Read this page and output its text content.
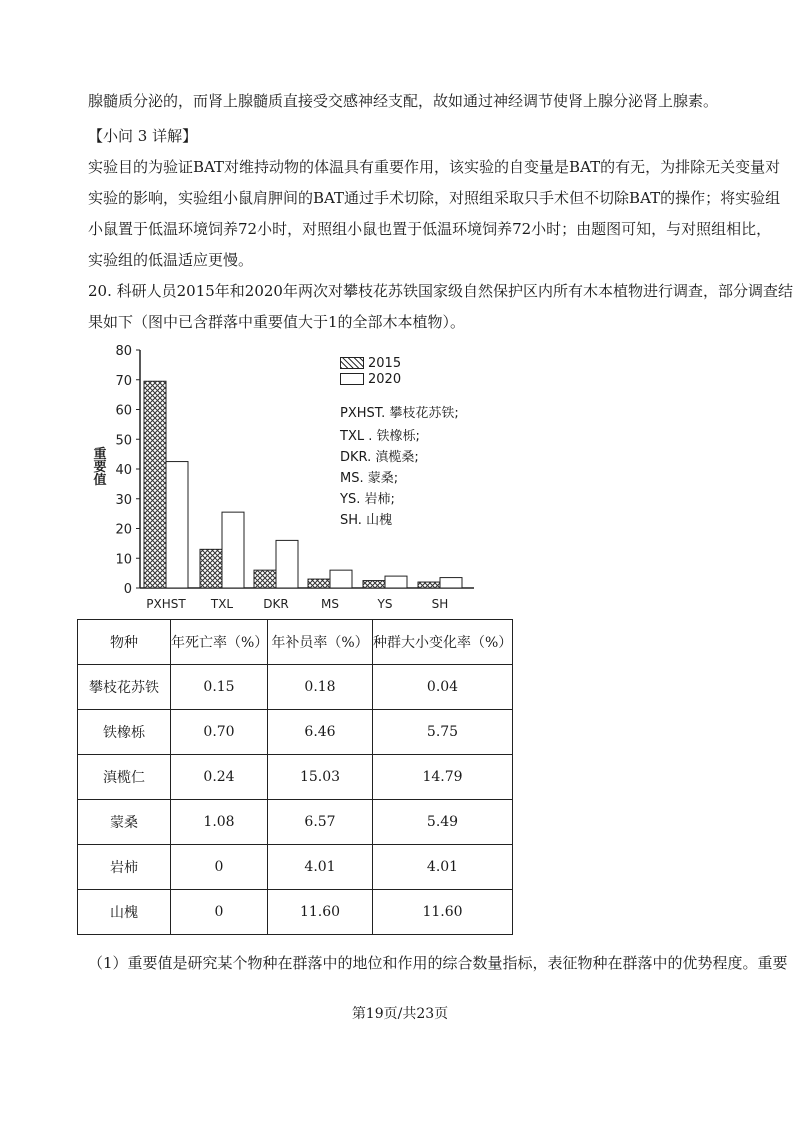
腺髓质分泌的，而肾上腺髓质直接受交感神经支配，故如通过神经调节使肾上腺分泌肾上腺素。
【小问 3 详解】
实验目的为验证BAT对维持动物的体温具有重要作用，该实验的自变量是BAT的有无，为排除无关变量对
实验的影响，实验组小鼠肩胛间的BAT通过手术切除，对照组采取只手术但不切除BAT的操作；将实验组
小鼠置于低温环境饲养72小时，对照组小鼠也置于低温环境饲养72小时；由题图可知，与对照组相比，
实验组的低温适应更慢。
20. 科研人员2015年和2020年两次对攀枝花苏铁国家级自然保护区内所有木本植物进行调查，部分调查结
果如下（图中已含群落中重要值大于1的全部木本植物）。
0
10
20
30
40
50
60
70
80
重要值
PXHST TXL	DKR	MS	YS	SH
2015
2020
PXHST. 攀枝花苏铁;
TXL . 铁橡栎;
DKR. 滇榄桑;
MS. 蒙桑;
YS. 岩柿;
SH. 山槐
物种	年死亡率（%）	年补员率（%）	种群大小变化率（%）
攀枝花苏铁	0.15	0.18	0.04
铁橡栎	0.70	6.46	5.75
滇榄仁	0.24	15.03	14.79
蒙桑	1.08	6.57	5.49
岩柿	0	4.01	4.01
山槐	0	11.60	11.60
（1）重要值是研究某个物种在群落中的地位和作用的综合数量指标，表征物种在群落中的优势程度。重要
第19页/共23页
